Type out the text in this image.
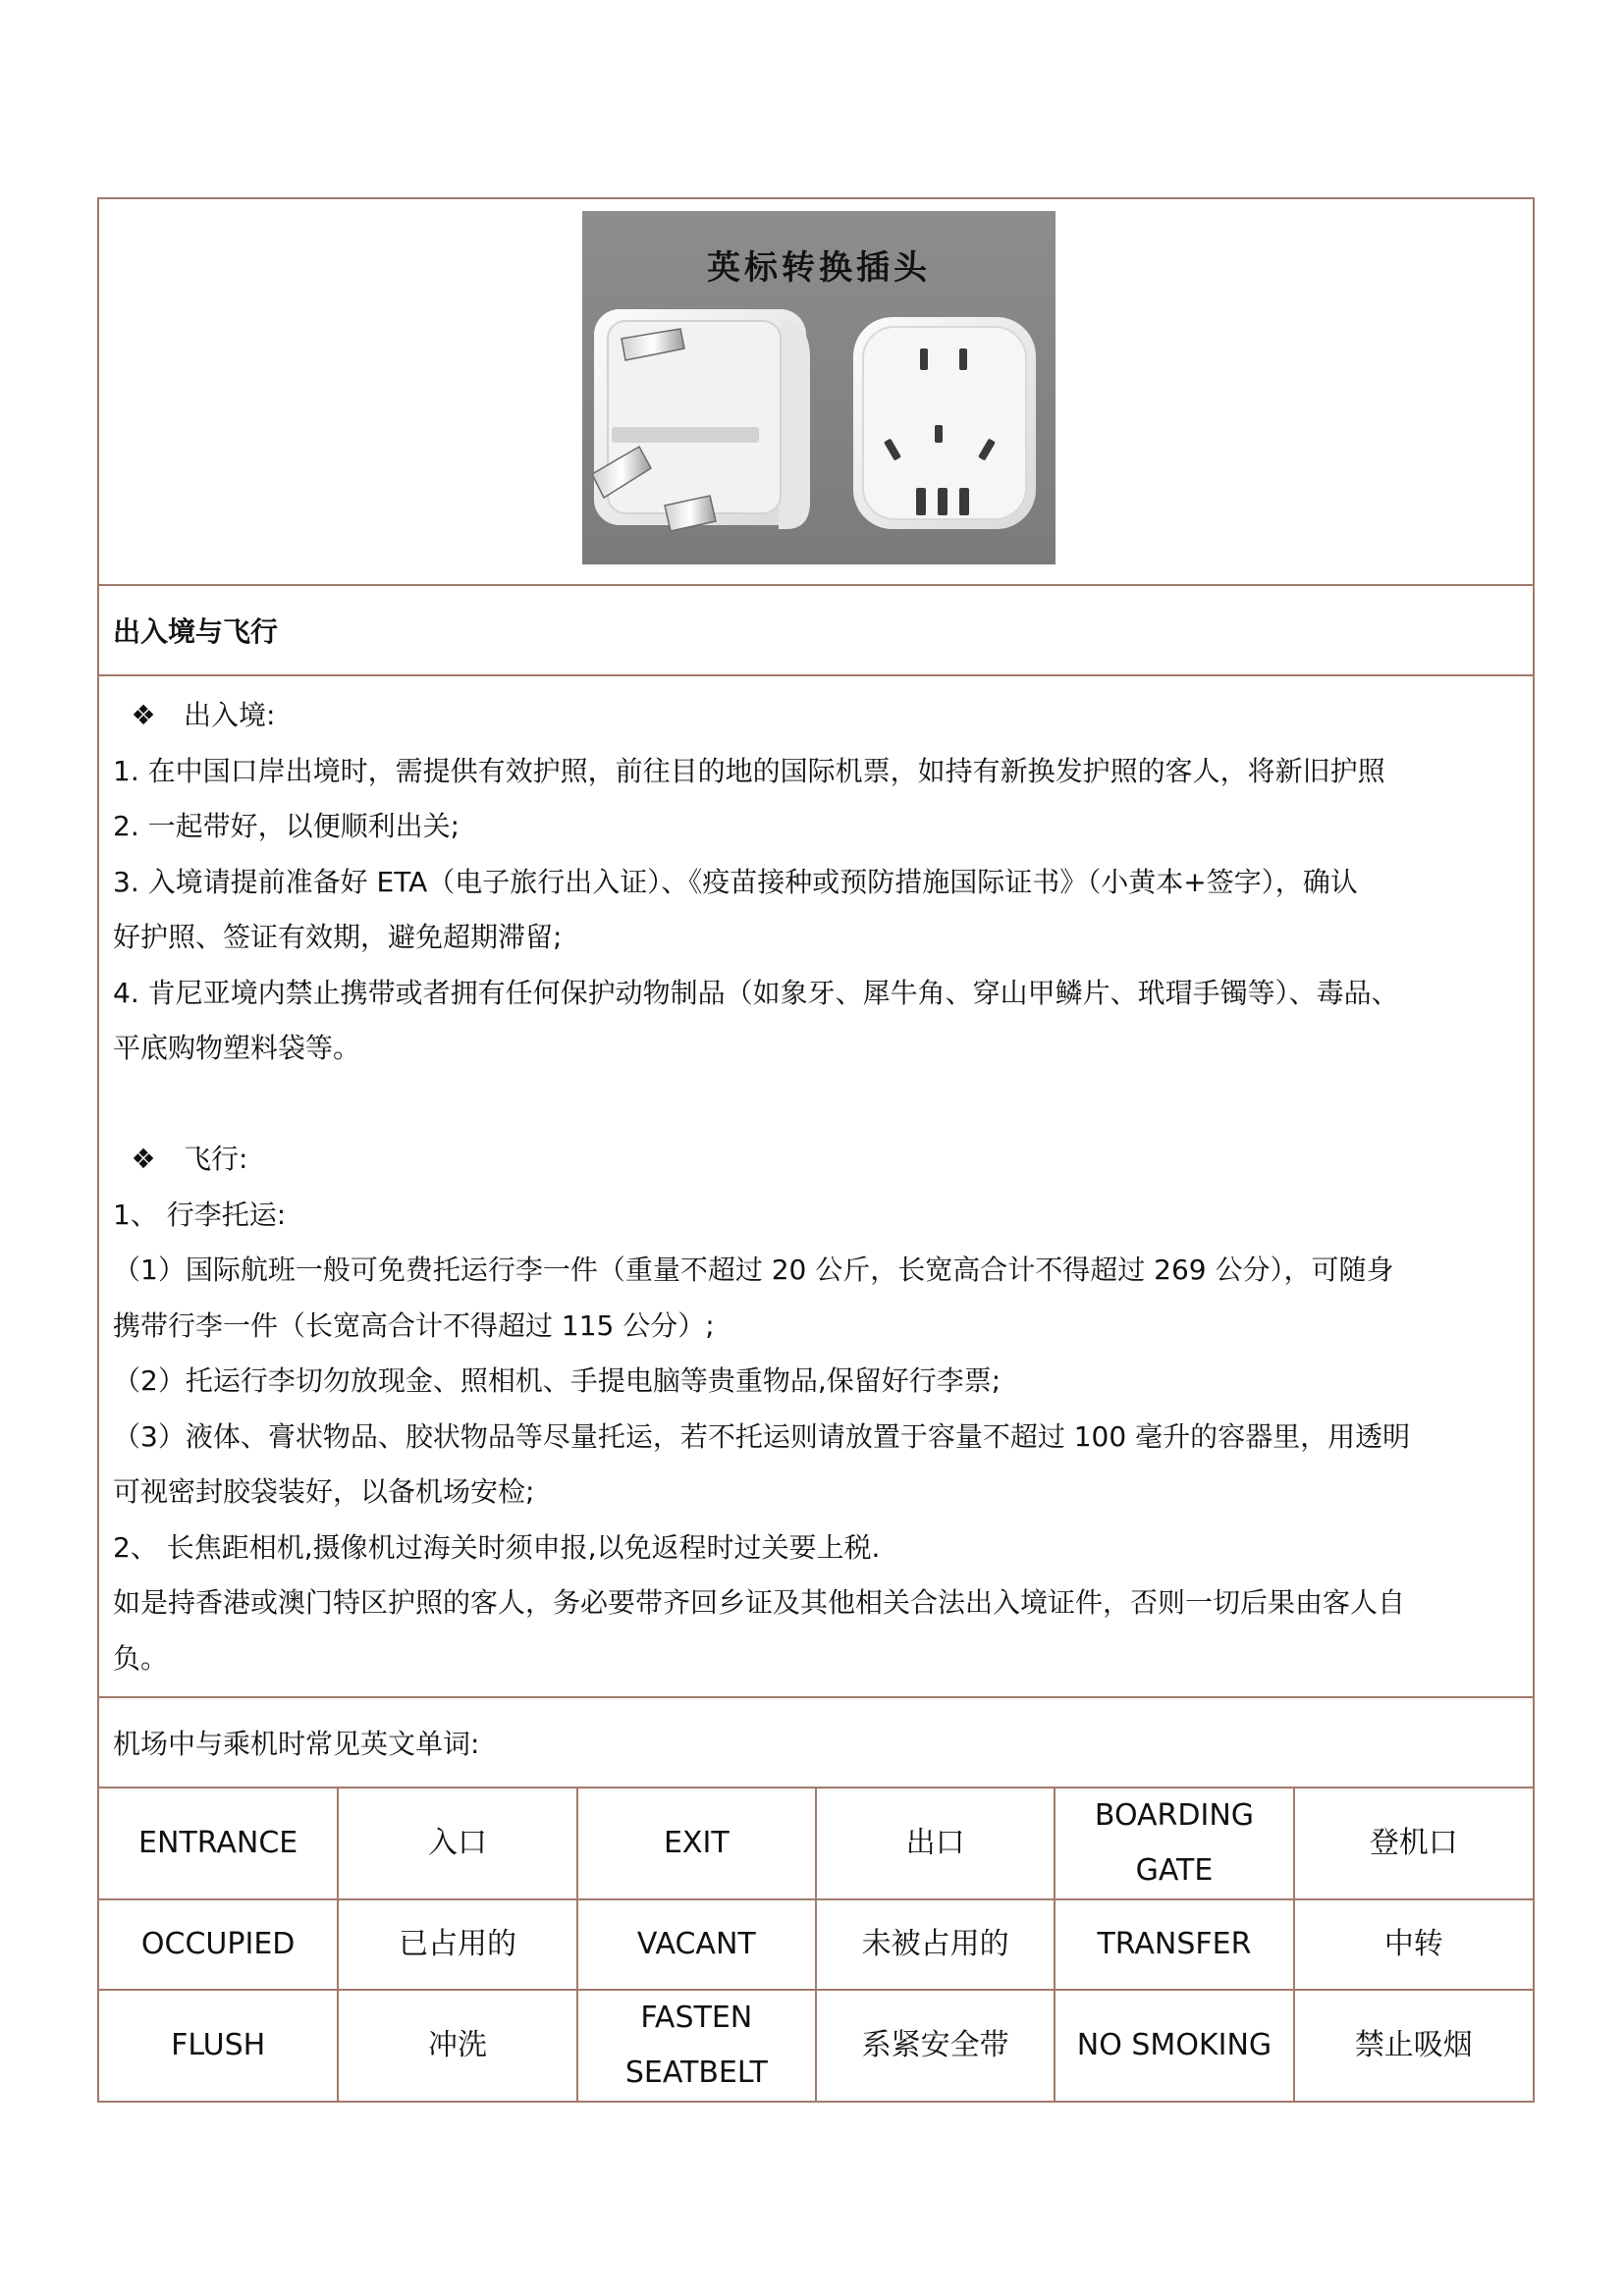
英标转换插头
出入境与飞行
❖ 出入境:
1. 在中国口岸出境时，需提供有效护照，前往目的地的国际机票，如持有新换发护照的客人，将新旧护照
2. 一起带好，以便顺利出关;
3. 入境请提前准备好 ETA（电子旅行出入证）、《疫苗接种或预防措施国际证书》（小黄本+签字），确认
好护照、签证有效期，避免超期滞留;
4. 肯尼亚境内禁止携带或者拥有任何保护动物制品（如象牙、犀牛角、穿山甲鳞片、玳瑁手镯等）、毒品、
平底购物塑料袋等。
❖ 飞行:
1、 行李托运:
（1）国际航班一般可免费托运行李一件（重量不超过 20 公斤，长宽高合计不得超过 269 公分），可随身
携带行李一件（长宽高合计不得超过 115 公分）;
（2）托运行李切勿放现金、照相机、手提电脑等贵重物品,保留好行李票;
（3）液体、膏状物品、胶状物品等尽量托运，若不托运则请放置于容量不超过 100 毫升的容器里，用透明
可视密封胶袋装好，以备机场安检;
2、 长焦距相机,摄像机过海关时须申报,以免返程时过关要上税.
如是持香港或澳门特区护照的客人，务必要带齐回乡证及其他相关合法出入境证件，否则一切后果由客人自
负。
机场中与乘机时常见英文单词:
ENTRANCE	入口	EXIT	出口	BOARDING GATE	登机口
OCCUPIED	已占用的	VACANT	未被占用的	TRANSFER	中转
FLUSH	冲洗	FASTEN SEATBELT	系紧安全带	NO SMOKING	禁止吸烟
